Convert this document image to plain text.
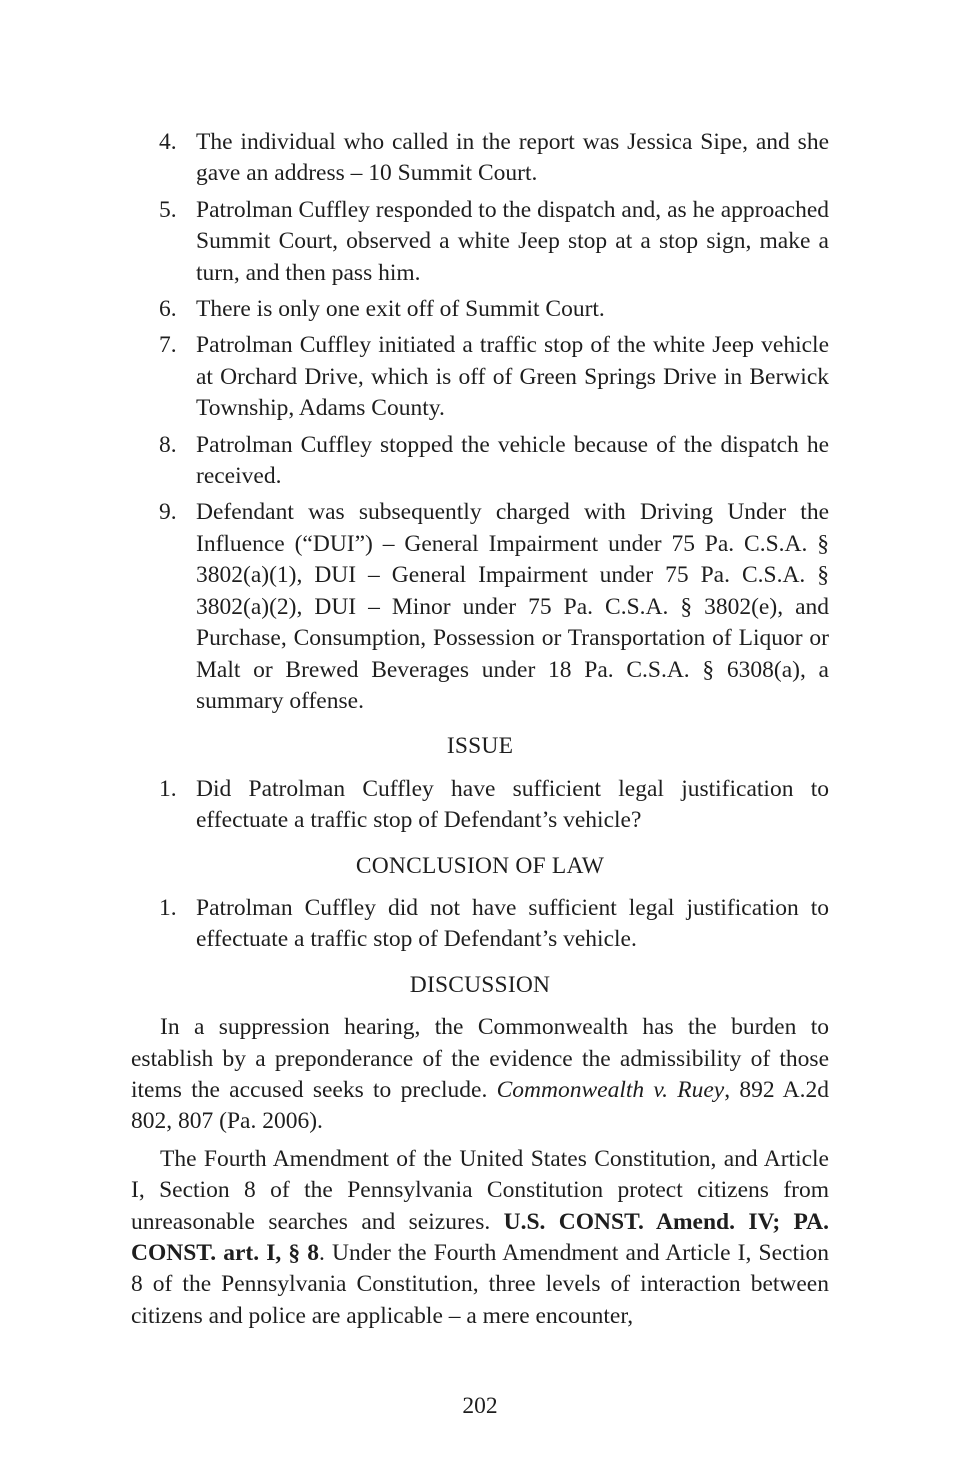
4. The individual who called in the report was Jessica Sipe, and she gave an address – 10 Summit Court.
5. Patrolman Cuffley responded to the dispatch and, as he approached Summit Court, observed a white Jeep stop at a stop sign, make a turn, and then pass him.
6. There is only one exit off of Summit Court.
7. Patrolman Cuffley initiated a traffic stop of the white Jeep vehicle at Orchard Drive, which is off of Green Springs Drive in Berwick Township, Adams County.
8. Patrolman Cuffley stopped the vehicle because of the dispatch he received.
9. Defendant was subsequently charged with Driving Under the Influence (“DUI”) – General Impairment under 75 Pa. C.S.A. § 3802(a)(1), DUI – General Impairment under 75 Pa. C.S.A. § 3802(a)(2), DUI – Minor under 75 Pa. C.S.A. § 3802(e), and Purchase, Consumption, Possession or Transportation of Liquor or Malt or Brewed Beverages under 18 Pa. C.S.A. § 6308(a), a summary offense.
ISSUE
1. Did Patrolman Cuffley have sufficient legal justification to effectuate a traffic stop of Defendant’s vehicle?
CONCLUSION OF LAW
1. Patrolman Cuffley did not have sufficient legal justification to effectuate a traffic stop of Defendant’s vehicle.
DISCUSSION

In a suppression hearing, the Commonwealth has the burden to establish by a preponderance of the evidence the admissibility of those items the accused seeks to preclude. Commonwealth v. Ruey, 892 A.2d 802, 807 (Pa. 2006).

The Fourth Amendment of the United States Constitution, and Article I, Section 8 of the Pennsylvania Constitution protect citizens from unreasonable searches and seizures. U.S. CONST. Amend. IV; PA. CONST. art. I, § 8. Under the Fourth Amendment and Article I, Section 8 of the Pennsylvania Constitution, three levels of interaction between citizens and police are applicable – a mere encounter,

202
